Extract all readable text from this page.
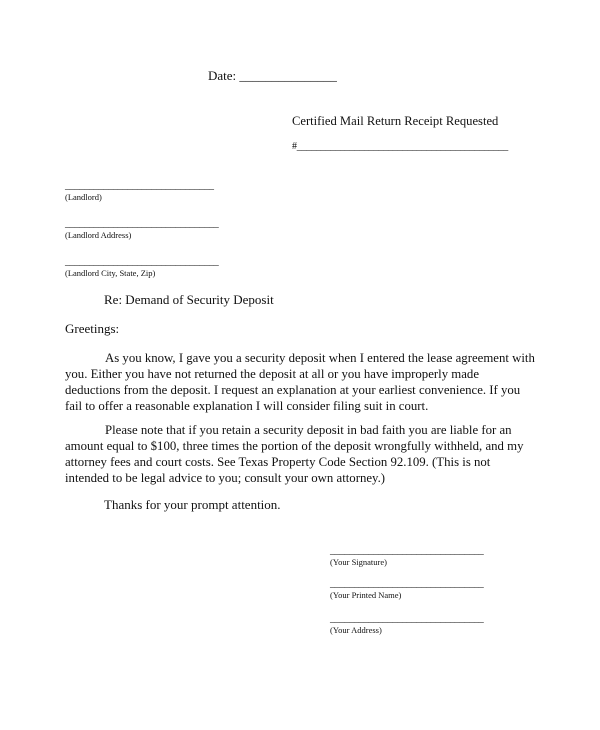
Date: _______________
Certified Mail Return Receipt Requested
#____________________________________________
_______________________________
(Landlord)
________________________________
(Landlord Address)
________________________________
(Landlord City, State, Zip)
Re: Demand of Security Deposit
Greetings:
As you know, I gave you a security deposit when I entered the lease agreement with you. Either you have not returned the deposit at all or you have improperly made deductions from the deposit. I request an explanation at your earliest convenience. If you fail to offer a reasonable explanation I will consider filing suit in court.
Please note that if you retain a security deposit in bad faith you are liable for an amount equal to $100, three times the portion of the deposit wrongfully withheld, and my attorney fees and court costs. See Texas Property Code Section 92.109. (This is not intended to be legal advice to you; consult your own attorney.)
Thanks for your prompt attention.
________________________________
(Your Signature)
________________________________
(Your Printed Name)
________________________________
(Your Address)
